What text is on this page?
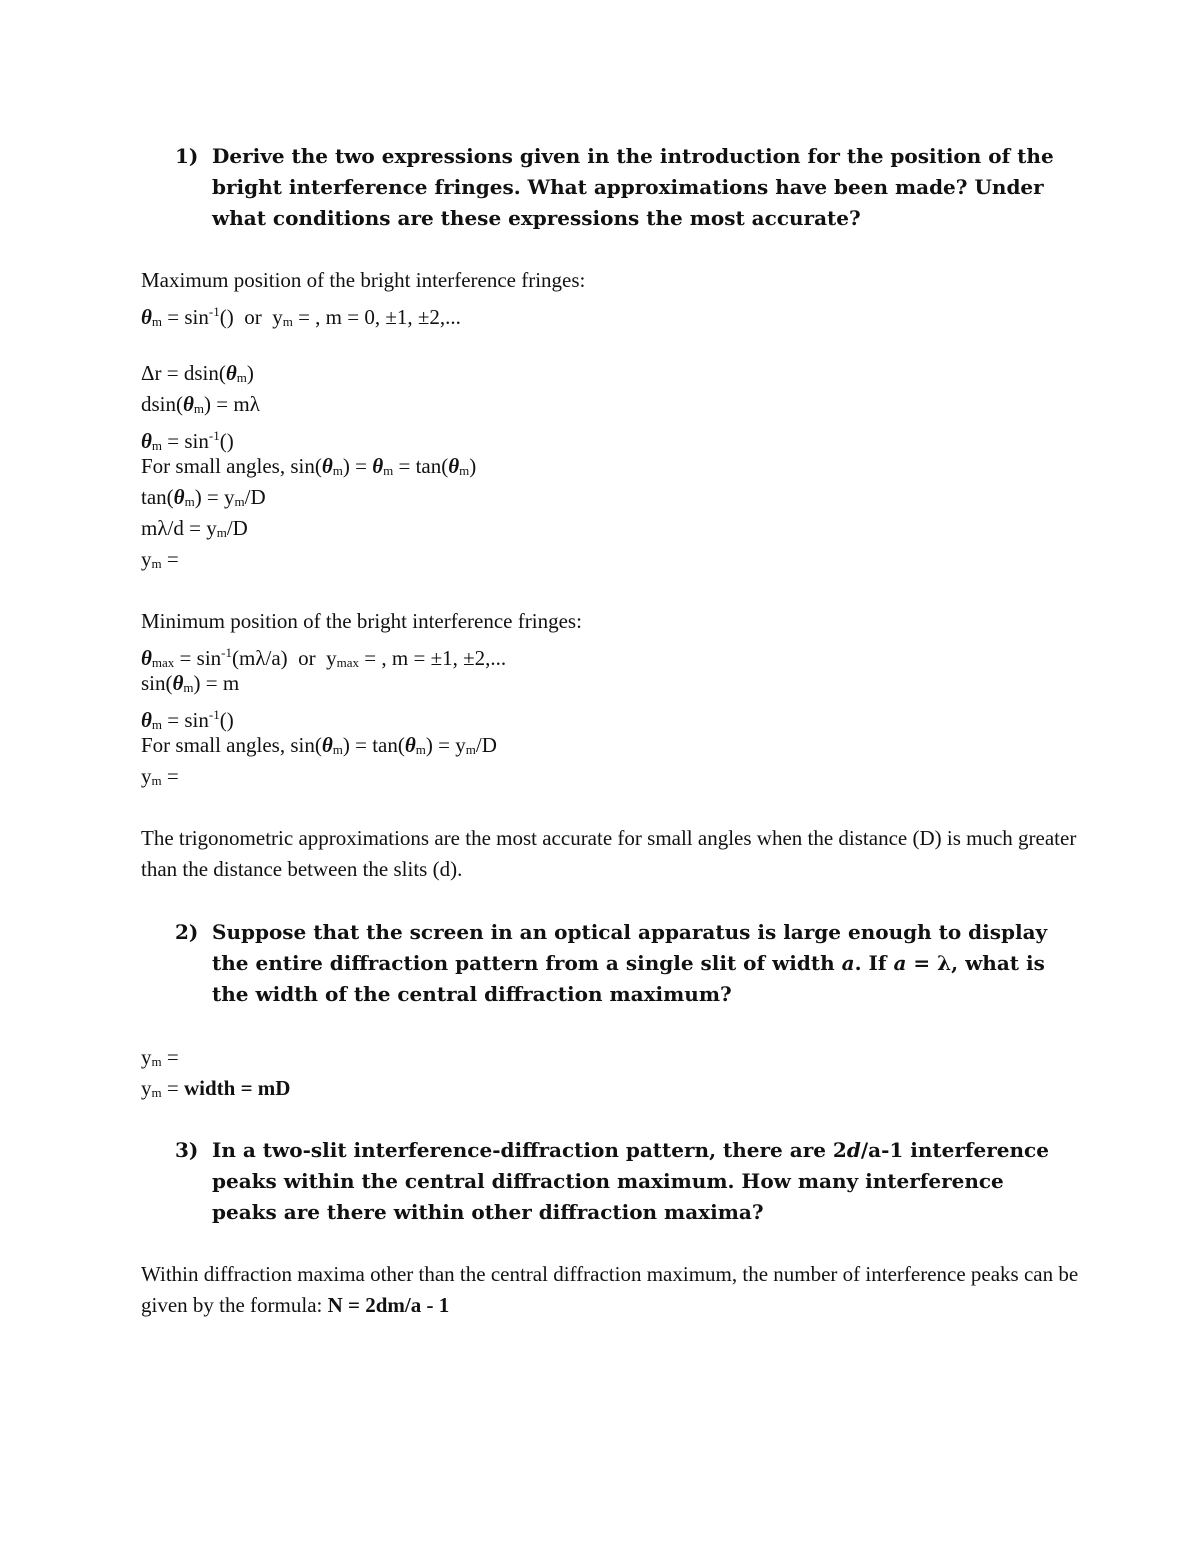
1) Derive the two expressions given in the introduction for the position of the bright interference fringes. What approximations have been made? Under what conditions are these expressions the most accurate?
Maximum position of the bright interference fringes:
$\theta m = \sin^{-1}()$  or  ym = , m = 0, ±1, ±2,...
Δr = dsin(θm)
dsin(θm) = mλ
$\theta m = \sin^{-1}()$
For small angles, sin(θm) = θm = tan(θm)
tan(θm) = ym/D
mλ/d = ym/D
ym =
Minimum position of the bright interference fringes:
$\theta\max = \sin^{-1}(m\lambda/a)$  or  ymax = , m = ±1, ±2,...
sin(θm) = m
$\theta m = \sin^{-1}()$
For small angles, sin(θm) = tan(θm) = ym/D
ym =
The trigonometric approximations are the most accurate for small angles when the distance (D) is much greater than the distance between the slits (d).
2) Suppose that the screen in an optical apparatus is large enough to display the entire diffraction pattern from a single slit of width a. If a = λ, what is the width of the central diffraction maximum?
ym =
ym = width = mD
3) In a two-slit interference-diffraction pattern, there are 2d/a-1 interference peaks within the central diffraction maximum. How many interference peaks are there within other diffraction maxima?
Within diffraction maxima other than the central diffraction maximum, the number of interference peaks can be given by the formula: N = 2dm/a - 1
